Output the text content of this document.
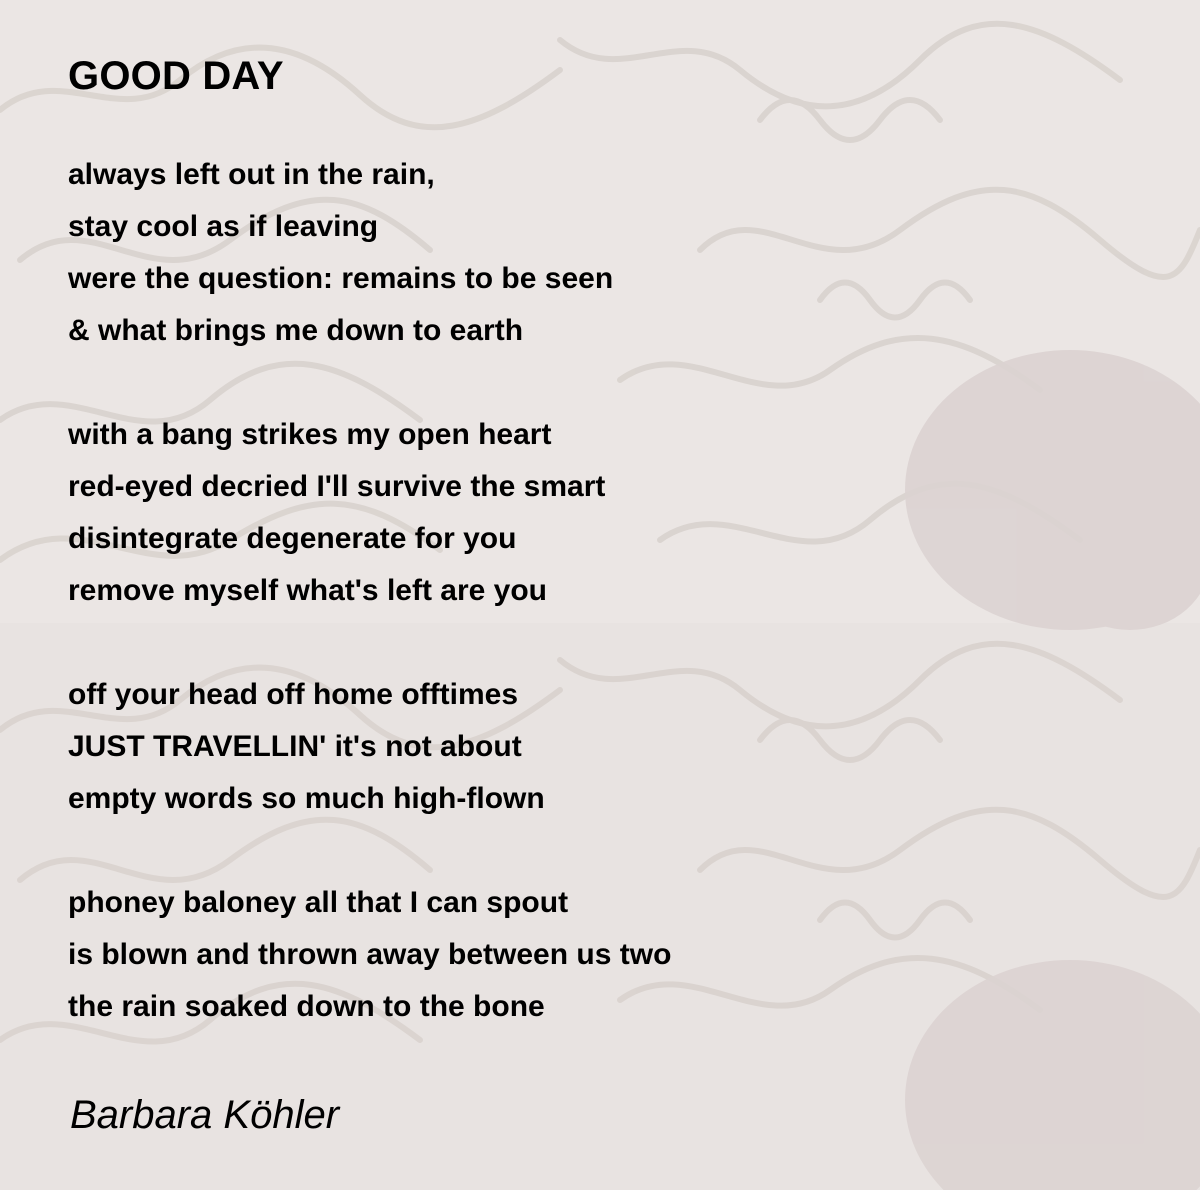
GOOD DAY
always left out in the rain,
stay cool as if leaving
were the question: remains to be seen
& what brings me down to earth
with a bang strikes my open heart
red-eyed decried I'll survive the smart
disintegrate degenerate for you
remove myself what's left are you
off your head off home offtimes
JUST TRAVELLIN' it's not about
empty words so much high-flown
phoney baloney all that I can spout
is blown and thrown away between us two
the rain soaked down to the bone

Barbara Köhler
